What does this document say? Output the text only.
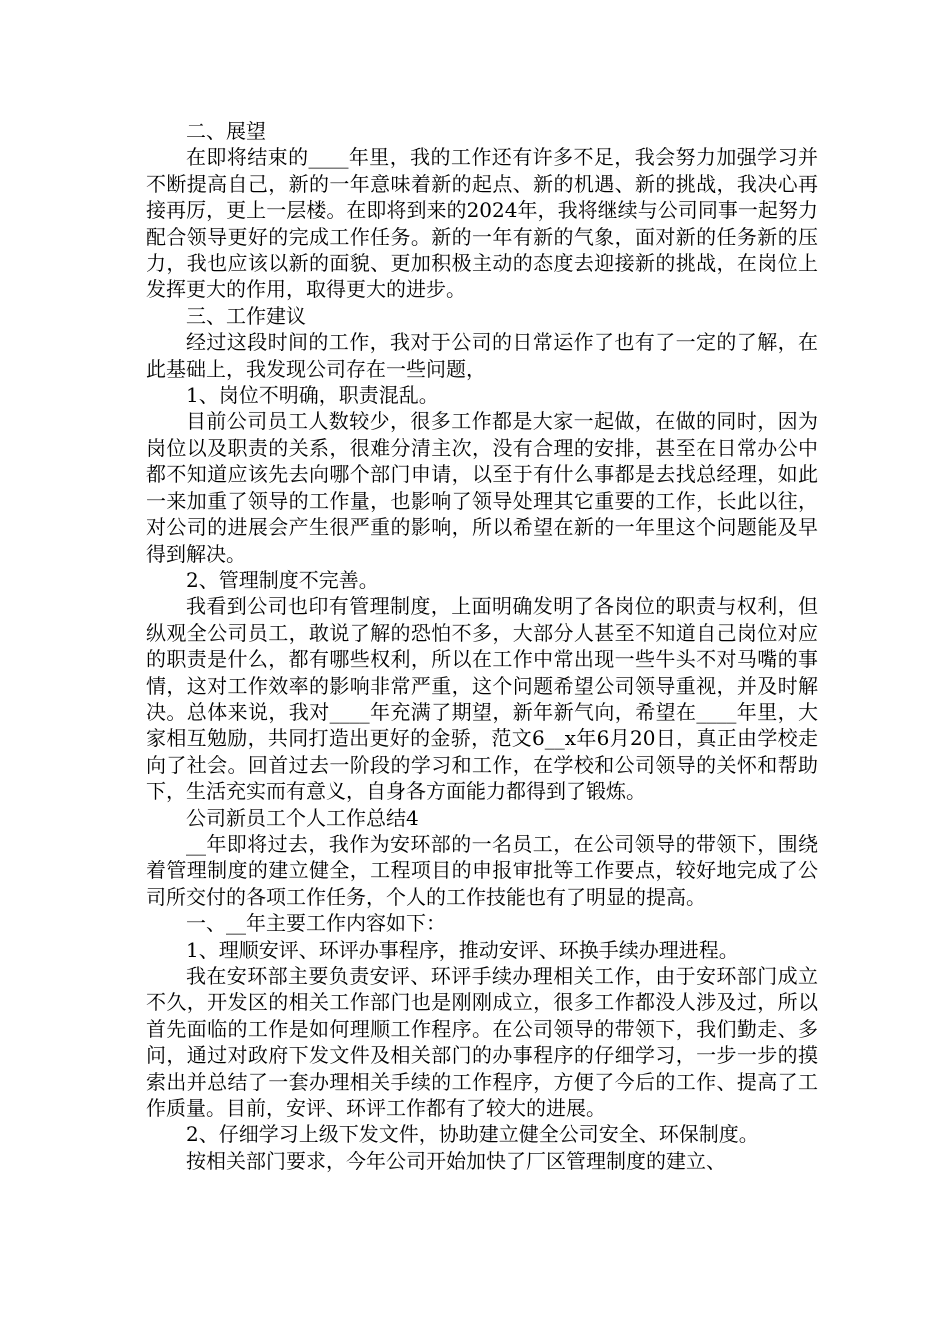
二、展望

在即将结束的____年里，我的工作还有许多不足，我会努力加强学习并不断提高自己，新的一年意味着新的起点、新的机遇、新的挑战，我决心再接再厉，更上一层楼。在即将到来的2024年，我将继续与公司同事一起努力配合领导更好的完成工作任务。新的一年有新的气象，面对新的任务新的压力，我也应该以新的面貌、更加积极主动的态度去迎接新的挑战，在岗位上发挥更大的作用，取得更大的进步。

三、工作建议

经过这段时间的工作，我对于公司的日常运作了也有了一定的了解，在此基础上，我发现公司存在一些问题，

1、岗位不明确，职责混乱。

目前公司员工人数较少，很多工作都是大家一起做，在做的同时，因为岗位以及职责的关系，很难分清主次，没有合理的安排，甚至在日常办公中都不知道应该先去向哪个部门申请，以至于有什么事都是去找总经理，如此一来加重了领导的工作量，也影响了领导处理其它重要的工作，长此以往，对公司的进展会产生很严重的影响，所以希望在新的一年里这个问题能及早得到解决。

2、管理制度不完善。

我看到公司也印有管理制度，上面明确发明了各岗位的职责与权利，但纵观全公司员工，敢说了解的恐怕不多，大部分人甚至不知道自己岗位对应的职责是什么，都有哪些权利，所以在工作中常出现一些牛头不对马嘴的事情，这对工作效率的影响非常严重，这个问题希望公司领导重视，并及时解决。总体来说，我对____年充满了期望，新年新气向，希望在____年里，大家相互勉励，共同打造出更好的金骄，范文6__x年6月20日，真正由学校走向了社会。回首过去一阶段的学习和工作，在学校和公司领导的关怀和帮助下，生活充实而有意义，自身各方面能力都得到了锻炼。

公司新员工个人工作总结4

__年即将过去，我作为安环部的一名员工，在公司领导的带领下，围绕着管理制度的建立健全，工程项目的申报审批等工作要点，较好地完成了公司所交付的各项工作任务，个人的工作技能也有了明显的提高。

一、__年主要工作内容如下：

1、理顺安评、环评办事程序，推动安评、环换手续办理进程。

我在安环部主要负责安评、环评手续办理相关工作，由于安环部门成立不久，开发区的相关工作部门也是刚刚成立，很多工作都没人涉及过，所以首先面临的工作是如何理顺工作程序。在公司领导的带领下，我们勤走、多问，通过对政府下发文件及相关部门的办事程序的仔细学习，一步一步的摸索出并总结了一套办理相关手续的工作程序，方便了今后的工作、提高了工作质量。目前，安评、环评工作都有了较大的进展。

2、仔细学习上级下发文件，协助建立健全公司安全、环保制度。

按相关部门要求，今年公司开始加快了厂区管理制度的建立、
